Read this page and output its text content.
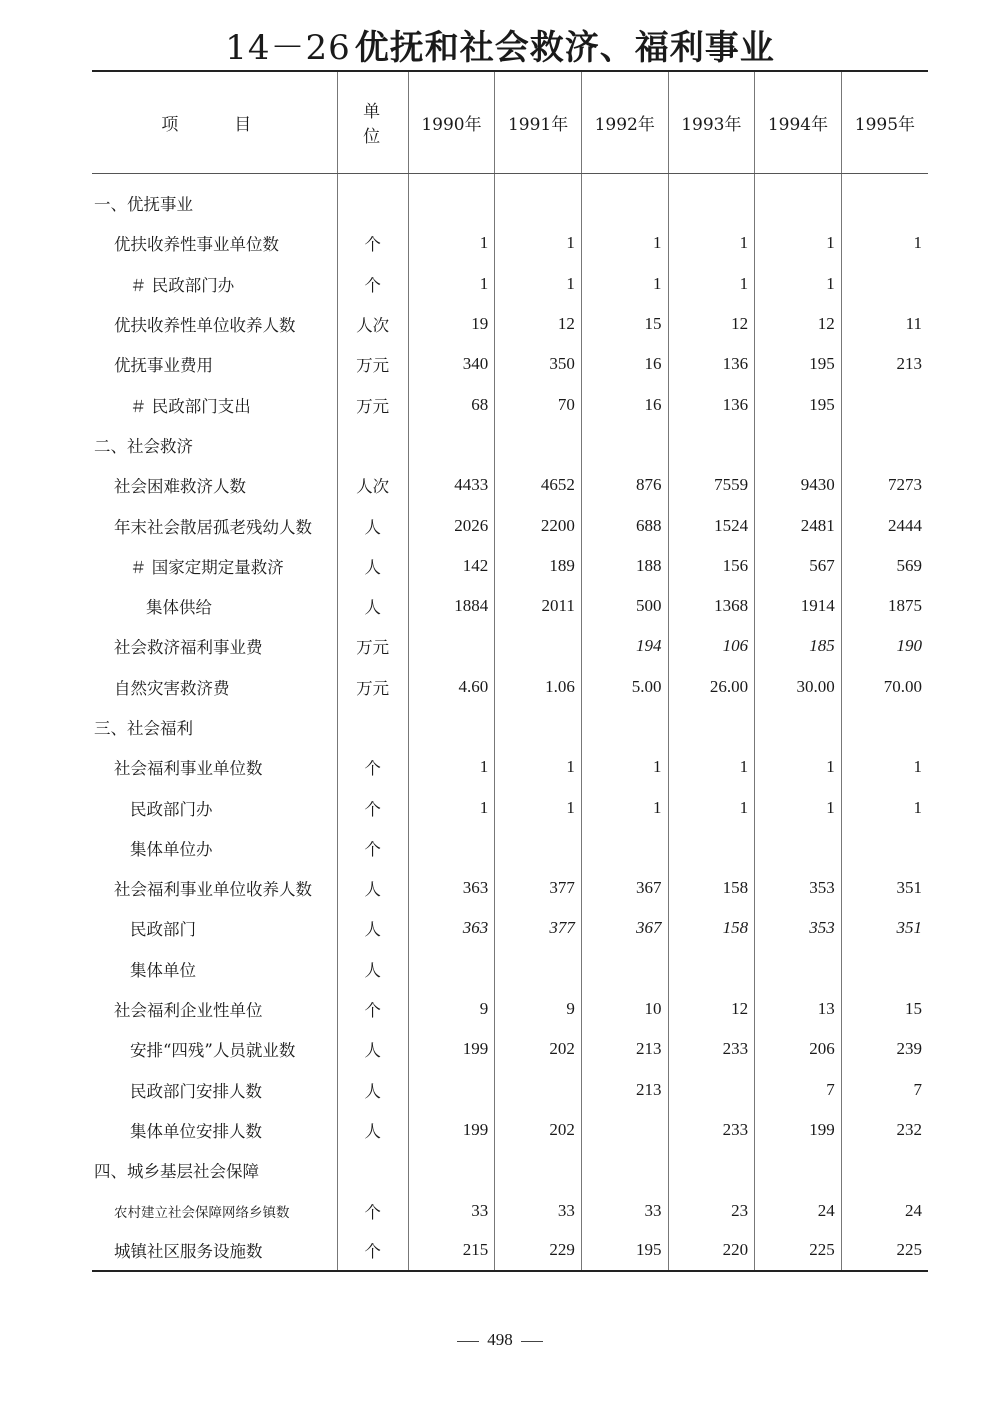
14－26 优抚和社会救济、福利事业
项目	单位	1990年	1991年	1992年	1993年	1994年	1995年

一、优抚事业							
优扶收养性事业单位数	个	1	1	1	1	1	1
＃ 民政部门办	个	1	1	1	1	1	
优扶收养性单位收养人数	人次	19	12	15	12	12	11
优抚事业费用	万元	340	350	16	136	195	213
＃ 民政部门支出	万元	68	70	16	136	195	
二、社会救济							
社会困难救济人数	人次	4433	4652	876	7559	9430	7273
年末社会散居孤老残幼人数	人	2026	2200	688	1524	2481	2444
＃ 国家定期定量救济	人	142	189	188	156	567	569
集体供给	人	1884	2011	500	1368	1914	1875
社会救济福利事业费	万元			194	106	185	190
自然灾害救济费	万元	4.60	1.06	5.00	26.00	30.00	70.00
三、社会福利							
社会福利事业单位数	个	1	1	1	1	1	1
民政部门办	个	1	1	1	1	1	1
集体单位办	个						
社会福利事业单位收养人数	人	363	377	367	158	353	351
民政部门	人	363	377	367	158	353	351
集体单位	人						
社会福利企业性单位	个	9	9	10	12	13	15
安排“四残”人员就业数	人	199	202	213	233	206	239
民政部门安排人数	人			213		7	7
集体单位安排人数	人	199	202		233	199	232
四、城乡基层社会保障							
农村建立社会保障网络乡镇数	个	33	33	33	23	24	24
城镇社区服务设施数	个	215	229	195	220	225	225
498
